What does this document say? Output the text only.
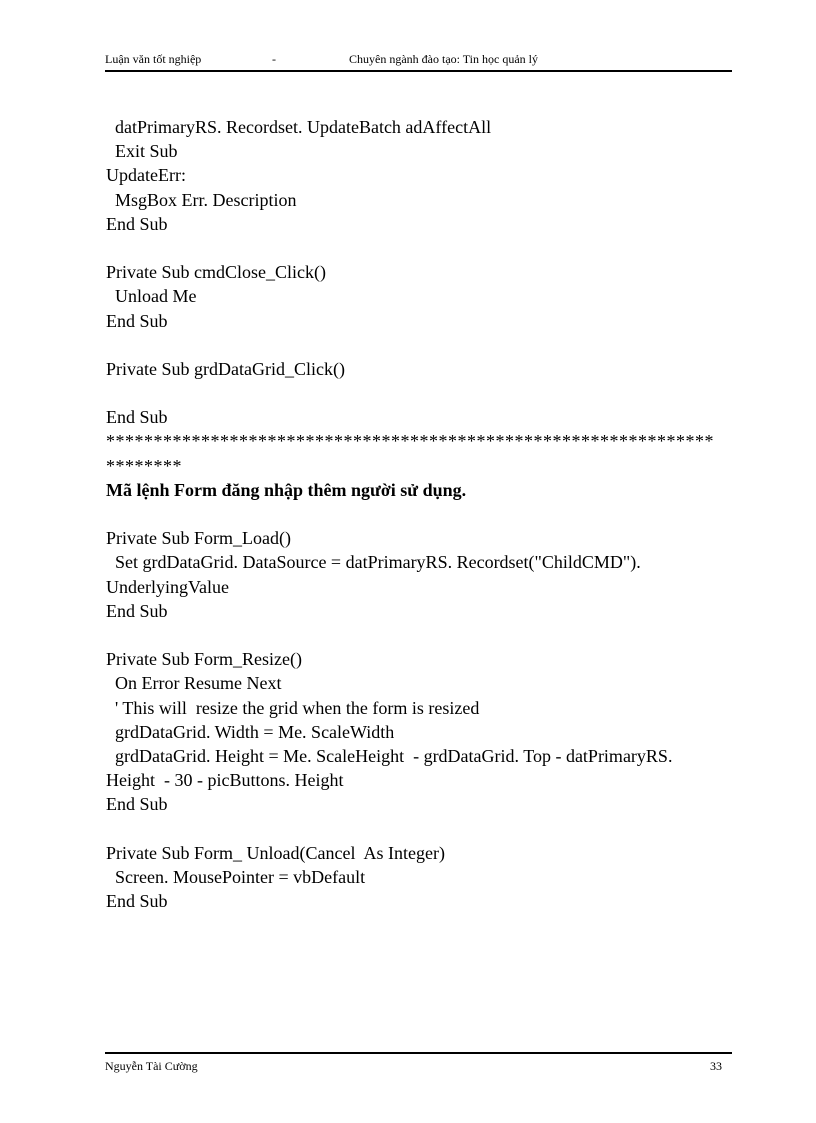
Luận văn tốt nghiệp	-	Chuyên ngành đào tạo: Tin học quản lý
datPrimaryRS. Recordset. UpdateBatch adAffectAll
Exit Sub
UpdateErr:
MsgBox Err. Description
End Sub
Private Sub cmdClose_Click()
Unload Me
End Sub
Private Sub grdDataGrid_Click()
End Sub
****************************************************************
********
Mã lệnh Form đăng nhập thêm người sử dụng.
Private Sub Form_Load()
Set grdDataGrid. DataSource = datPrimaryRS. Recordset("ChildCMD").
UnderlyingValue
End Sub
Private Sub Form_Resize()
On Error Resume Next
' This will  resize the grid when the form is resized
grdDataGrid. Width = Me. ScaleWidth
grdDataGrid. Height = Me. ScaleHeight  - grdDataGrid. Top - datPrimaryRS.
Height  - 30 - picButtons. Height
End Sub
Private Sub Form_ Unload(Cancel  As Integer)
Screen. MousePointer = vbDefault
End Sub
Nguyễn Tài Cường	33
